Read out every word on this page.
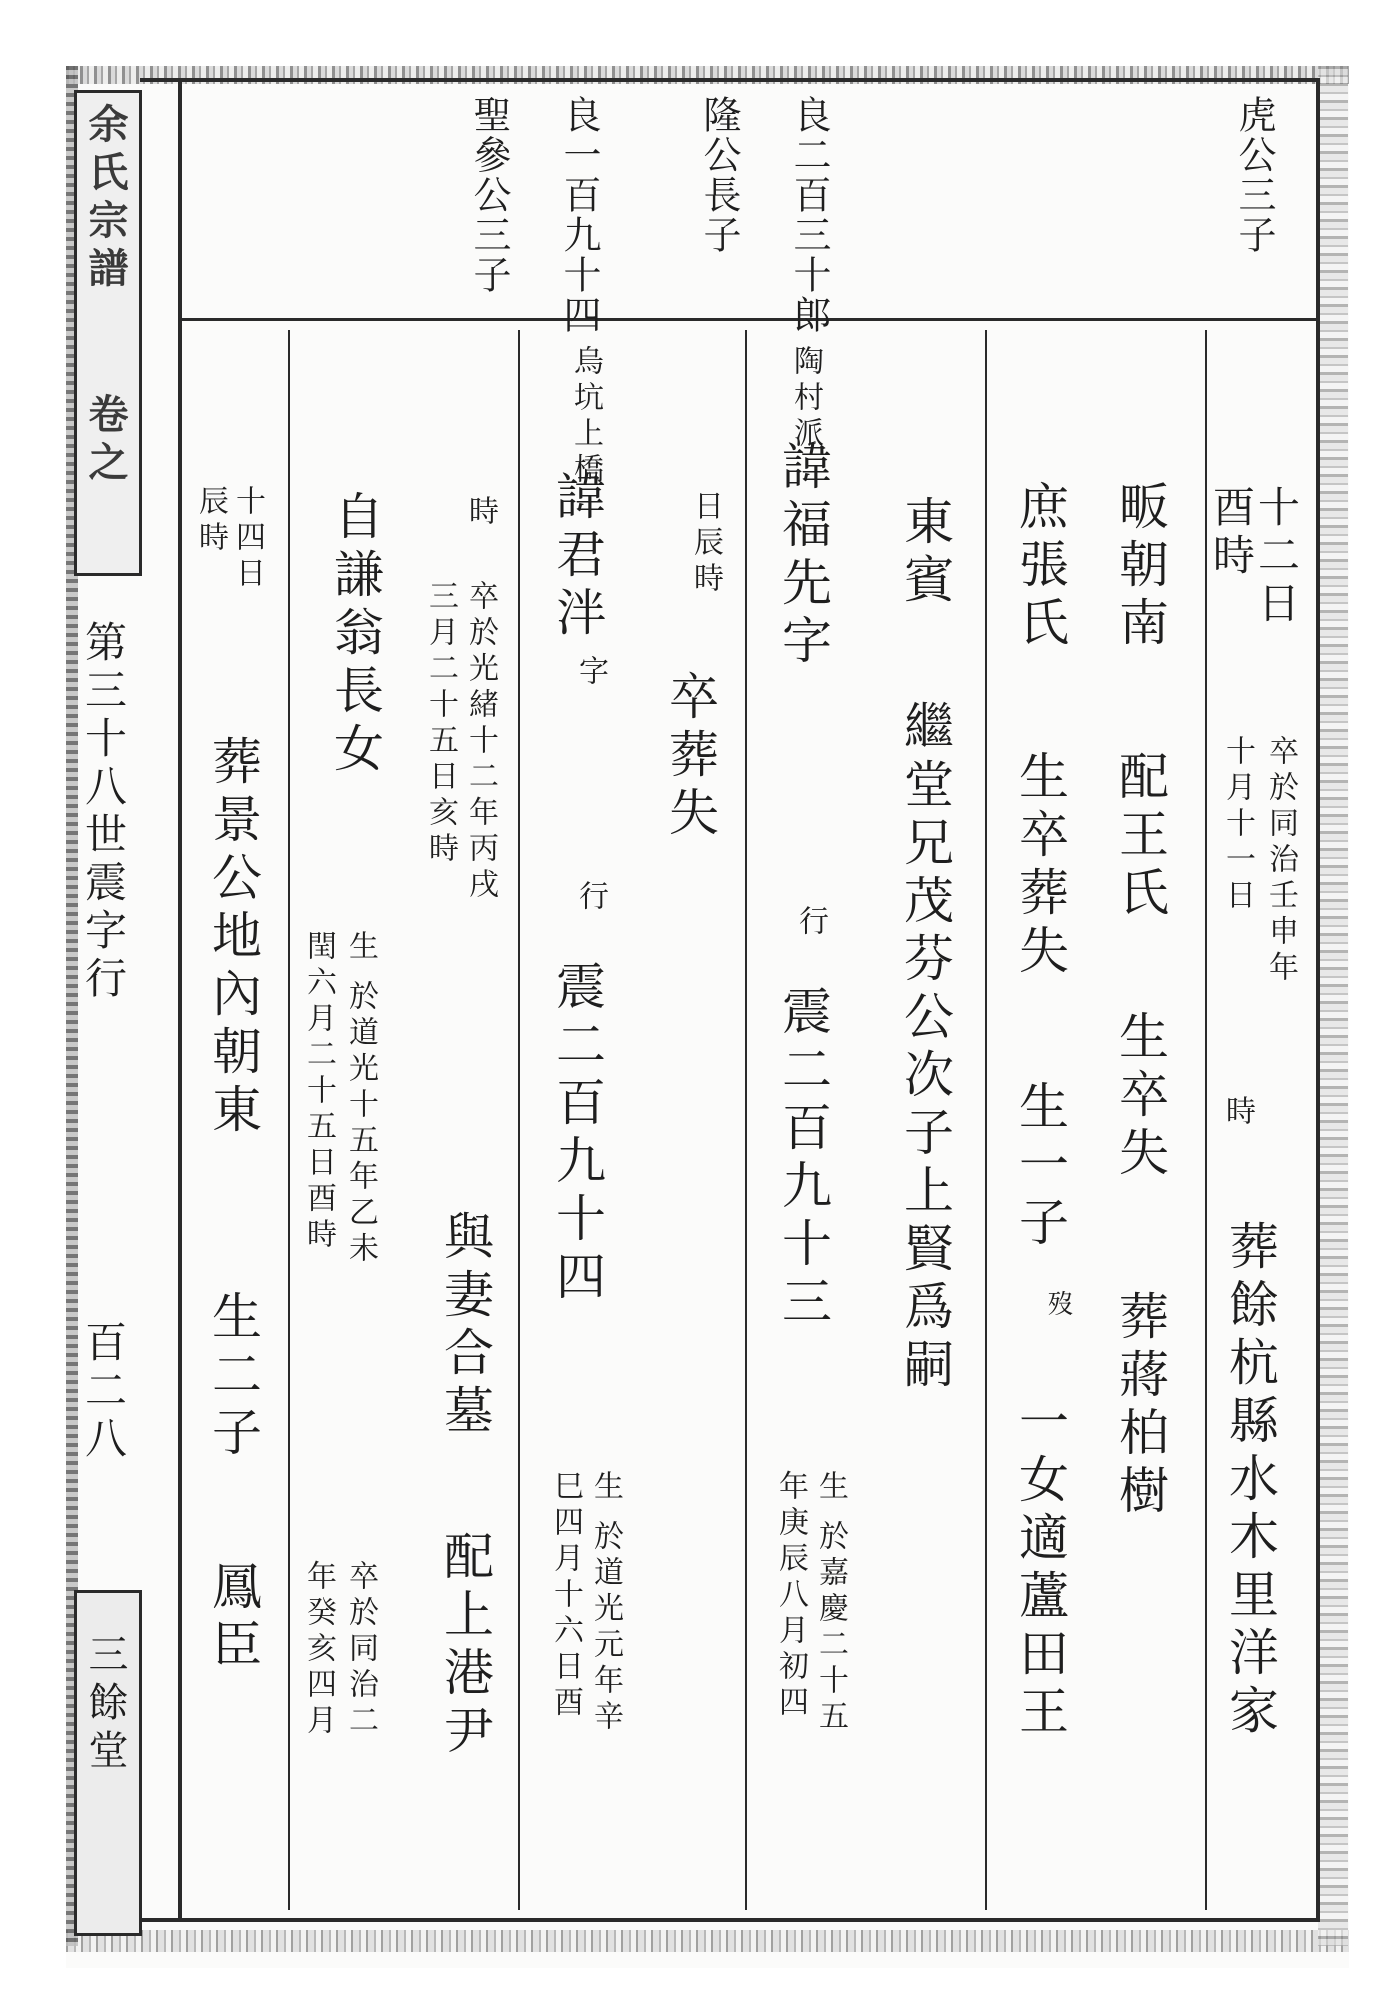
余氏宗譜
卷之
第三十八世震字行
百二八
三餘堂
虎公三子
良二百三十郎
隆公長子
良一百九十四
聖參公三子
十二日
酉時
卒於同治壬申年
十月十一日
時
葬餘杭縣水木里洋家
畈朝南
配王氏
生卒失
葬蔣柏樹
庶張氏
生卒葬失
生一子
歿
一女適蘆田王
東賓
繼堂兄茂芬公次子上賢爲嗣
陶村派
諱福先字
行
震二百九十三
生
於嘉慶二十五
年庚辰八月初四
日辰時
卒葬失
烏坑上橋
諱君泮
字
行
震二百九十四
生
於道光元年辛
巳四月十六日酉
時
卒於光緒十二年丙戌
三月二十五日亥時
與妻合墓
配上港尹
自謙翁長女
生
於道光十五年乙未
閏六月二十五日酉時
卒於同治二
年癸亥四月
十四日
辰時
葬景公地內朝東
生二子
鳳臣
